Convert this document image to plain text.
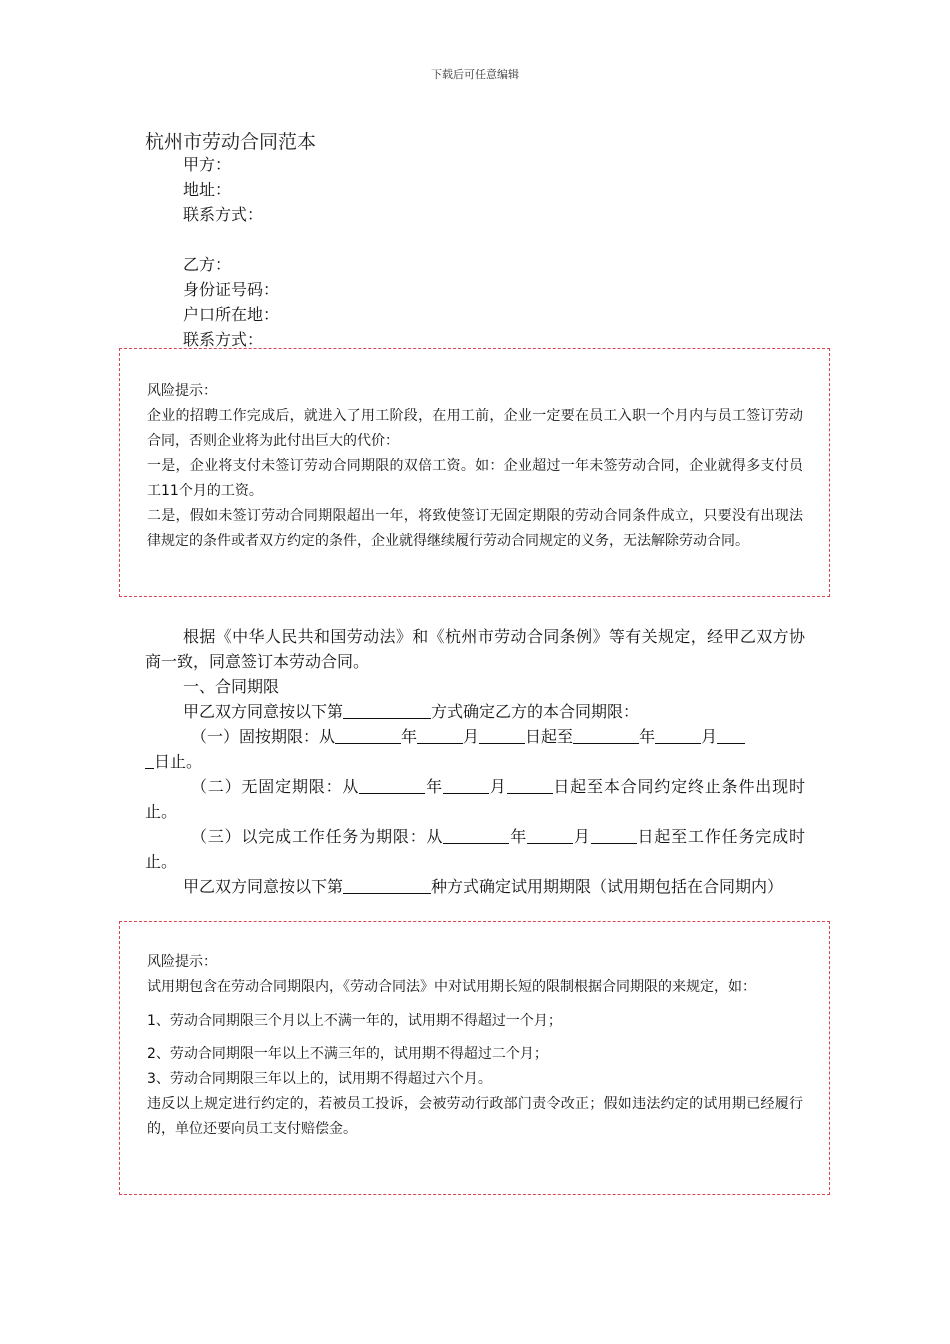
下载后可任意编辑
杭州市劳动合同范本
甲方：
地址：
联系方式：
乙方：
身份证号码：
户口所在地：
联系方式：

风险提示：

企业的招聘工作完成后，就进入了用工阶段，在用工前，企业一定要在员工入职一个月内与员工签订劳动合同，否则企业将为此付出巨大的代价：

一是，企业将支付未签订劳动合同期限的双倍工资。如：企业超过一年未签劳动合同，企业就得多支付员工11个月的工资。

二是，假如未签订劳动合同期限超出一年，将致使签订无固定期限的劳动合同条件成立，只要没有出现法律规定的条件或者双方约定的条件，企业就得继续履行劳动合同规定的义务，无法解除劳动合同。

根据《中华人民共和国劳动法》和《杭州市劳动合同条例》等有关规定，经甲乙双方协商一致，同意签订本劳动合同。

一、合同期限

甲乙双方同意按以下第	方式确定乙方的本合同期限：

（一）固按期限：从	年	月	日起至	年	月
日止。

（二）无固定期限：从	年	月	日起至本合同约定终止条件出现时止。

（三）以完成工作任务为期限：从	年	月	日起至工作任务完成时止。

甲乙双方同意按以下第	种方式确定试用期期限（试用期包括在合同期内）

风险提示：

试用期包含在劳动合同期限内，《劳动合同法》中对试用期长短的限制根据合同期限的来规定，如：

1、劳动合同期限三个月以上不满一年的，试用期不得超过一个月；

2、劳动合同期限一年以上不满三年的，试用期不得超过二个月；

3、劳动合同期限三年以上的，试用期不得超过六个月。

违反以上规定进行约定的，若被员工投诉，会被劳动行政部门责令改正；假如违法约定的试用期已经履行的，单位还要向员工支付赔偿金。
